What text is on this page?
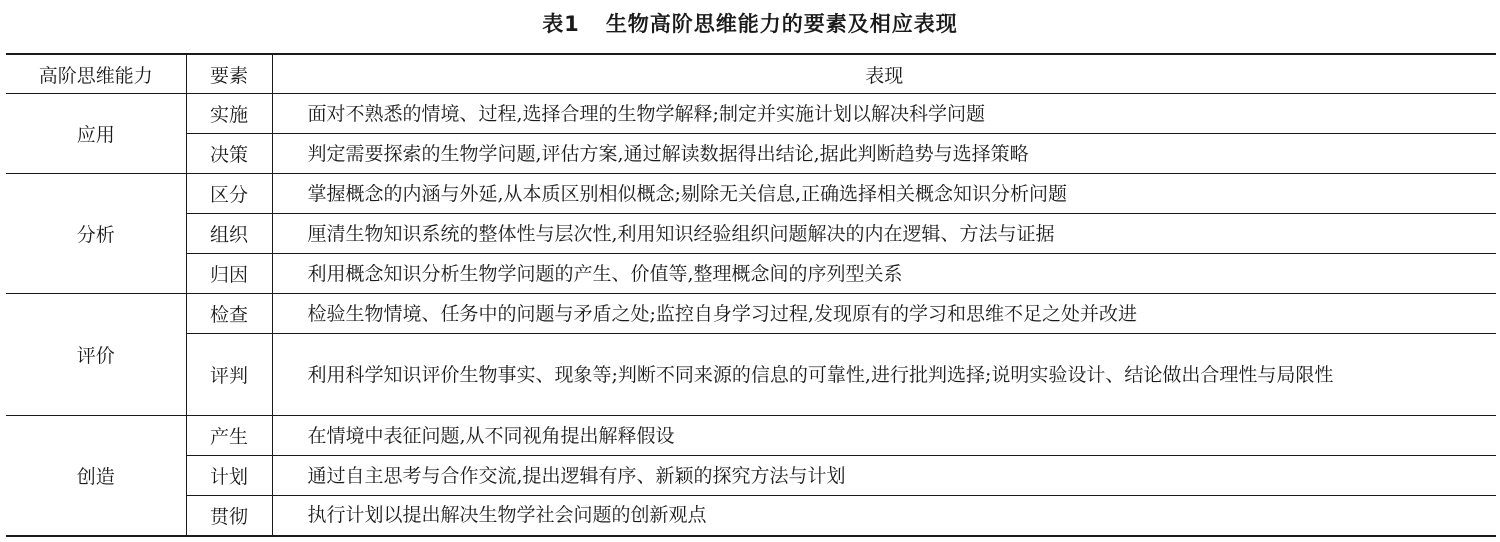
表1 生物高阶思维能力的要素及相应表现
高阶思维能力	要素	表现
应用	实施	面对不熟悉的情境、过程,选择合理的生物学解释;制定并实施计划以解决科学问题

	决策	判定需要探索的生物学问题,评估方案,通过解读数据得出结论,据此判断趋势与选择策略

分析	区分	掌握概念的内涵与外延,从本质区别相似概念;剔除无关信息,正确选择相关概念知识分析问题

	组织	厘清生物知识系统的整体性与层次性,利用知识经验组织问题解决的内在逻辑、方法与证据

	归因	利用概念知识分析生物学问题的产生、价值等,整理概念间的序列型关系

评价	检查	检验生物情境、任务中的问题与矛盾之处;监控自身学习过程,发现原有的学习和思维不足之处并改进

	评判	利用科学知识评价生物事实、现象等;判断不同来源的信息的可靠性,进行批判选择;说明实验设计、结论做出合理性与局限性

创造	产生	在情境中表征问题,从不同视角提出解释假设

	计划	通过自主思考与合作交流,提出逻辑有序、新颖的探究方法与计划

	贯彻	执行计划以提出解决生物学社会问题的创新观点
